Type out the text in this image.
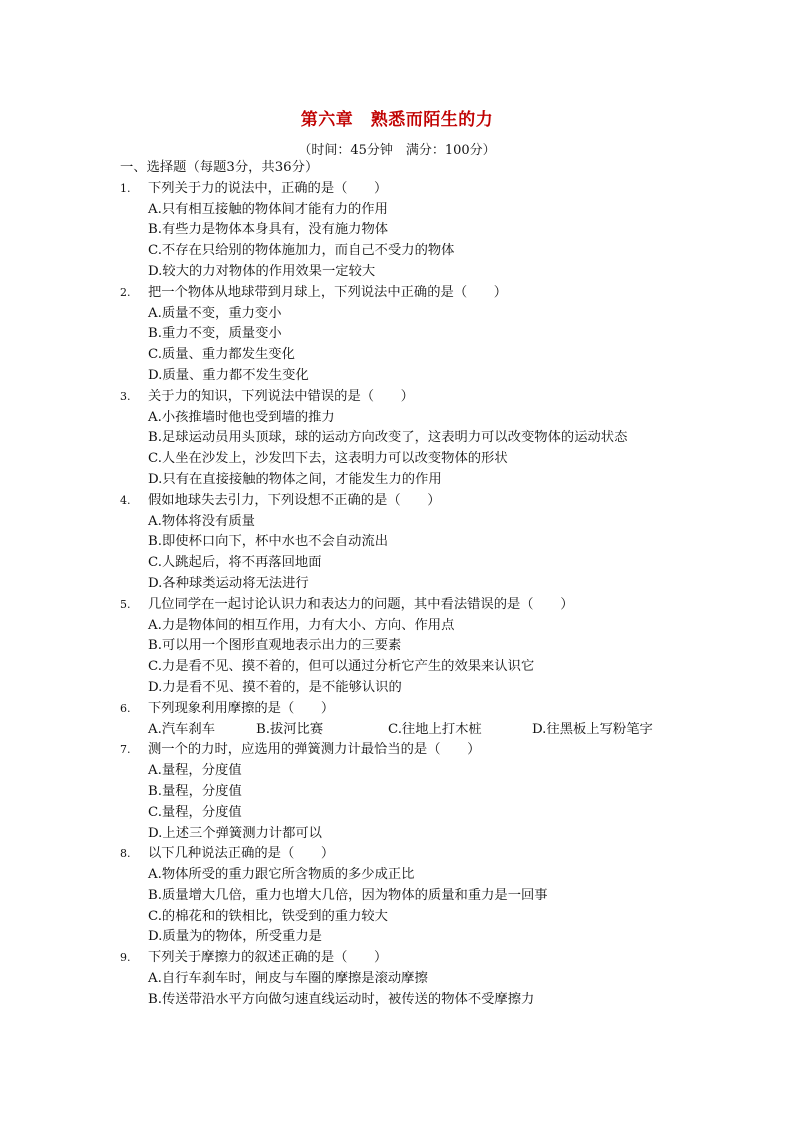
第六章　熟悉而陌生的力

（时间：45分钟　满分：100分）

一、选择题（每题3分，共36分）

1. 下列关于力的说法中，正确的是（　　）

A.只有相互接触的物体间才能有力的作用

B.有些力是物体本身具有，没有施力物体

C.不存在只给别的物体施加力，而自己不受力的物体

D.较大的力对物体的作用效果一定较大

2. 把一个物体从地球带到月球上，下列说法中正确的是（　　）

A.质量不变，重力变小

B.重力不变，质量变小

C.质量、重力都发生变化

D.质量、重力都不发生变化

3. 关于力的知识，下列说法中错误的是（　　）

A.小孩推墙时他也受到墙的推力

B.足球运动员用头顶球，球的运动方向改变了，这表明力可以改变物体的运动状态

C.人坐在沙发上，沙发凹下去，这表明力可以改变物体的形状

D.只有在直接接触的物体之间，才能发生力的作用

4. 假如地球失去引力，下列设想不正确的是（　　）

A.物体将没有质量

B.即使杯口向下，杯中水也不会自动流出

C.人跳起后，将不再落回地面

D.各种球类运动将无法进行

5. 几位同学在一起讨论认识力和表达力的问题，其中看法错误的是（　　）

A.力是物体间的相互作用，力有大小、方向、作用点

B.可以用一个图形直观地表示出力的三要素

C.力是看不见、摸不着的，但可以通过分析它产生的效果来认识它

D.力是看不见、摸不着的，是不能够认识的

6. 下列现象利用摩擦的是（　　）

A.汽车刹车	B.拔河比赛	C.往地上打木桩	D.往黑板上写粉笔字

7. 测一个的力时，应选用的弹簧测力计最恰当的是（　　）

A.量程，分度值

B.量程，分度值

C.量程，分度值

D.上述三个弹簧测力计都可以

8. 以下几种说法正确的是（　　）

A.物体所受的重力跟它所含物质的多少成正比

B.质量增大几倍，重力也增大几倍，因为物体的质量和重力是一回事

C.的棉花和的铁相比，铁受到的重力较大

D.质量为的物体，所受重力是

9. 下列关于摩擦力的叙述正确的是（　　）

A.自行车刹车时，闸皮与车圈的摩擦是滚动摩擦

B.传送带沿水平方向做匀速直线运动时，被传送的物体不受摩擦力
